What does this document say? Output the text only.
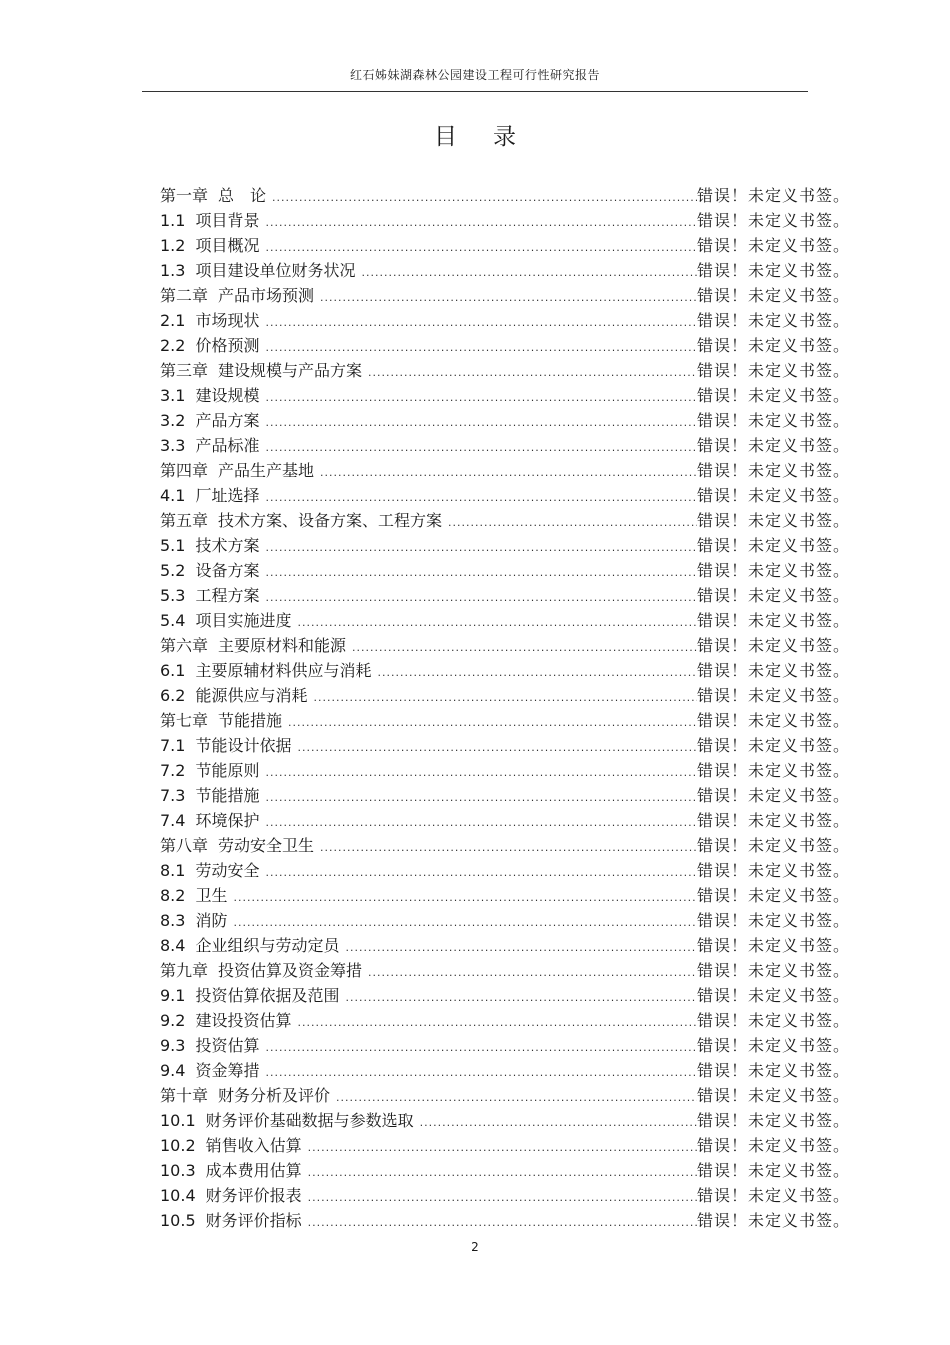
红石姊妹湖森林公园建设工程可行性研究报告
目录
第一章 总　论 .....	错误！未定义书签。
1.1 项目背景 .....	错误！未定义书签。
1.2 项目概况 .....	错误！未定义书签。
1.3 项目建设单位财务状况 .....	错误！未定义书签。
第二章 产品市场预测 .....	错误！未定义书签。
2.1 市场现状 .....	错误！未定义书签。
2.2 价格预测 .....	错误！未定义书签。
第三章 建设规模与产品方案 .....	错误！未定义书签。
3.1 建设规模 .....	错误！未定义书签。
3.2 产品方案 .....	错误！未定义书签。
3.3 产品标准 .....	错误！未定义书签。
第四章 产品生产基地 .....	错误！未定义书签。
4.1 厂址选择 .....	错误！未定义书签。
第五章 技术方案、设备方案、工程方案 .....	错误！未定义书签。
5.1 技术方案 .....	错误！未定义书签。
5.2 设备方案 .....	错误！未定义书签。
5.3 工程方案 .....	错误！未定义书签。
5.4 项目实施进度 .....	错误！未定义书签。
第六章 主要原材料和能源 .....	错误！未定义书签。
6.1 主要原辅材料供应与消耗 .....	错误！未定义书签。
6.2 能源供应与消耗 .....	错误！未定义书签。
第七章 节能措施 .....	错误！未定义书签。
7.1 节能设计依据 .....	错误！未定义书签。
7.2 节能原则 .....	错误！未定义书签。
7.3 节能措施 .....	错误！未定义书签。
7.4 环境保护 .....	错误！未定义书签。
第八章 劳动安全卫生 .....	错误！未定义书签。
8.1 劳动安全 .....	错误！未定义书签。
8.2 卫生 .....	错误！未定义书签。
8.3 消防 .....	错误！未定义书签。
8.4 企业组织与劳动定员 .....	错误！未定义书签。
第九章 投资估算及资金筹措 .....	错误！未定义书签。
9.1 投资估算依据及范围 .....	错误！未定义书签。
9.2 建设投资估算 .....	错误！未定义书签。
9.3 投资估算 .....	错误！未定义书签。
9.4 资金筹措 .....	错误！未定义书签。
第十章 财务分析及评价 .....	错误！未定义书签。
10.1 财务评价基础数据与参数选取 .....	错误！未定义书签。
10.2 销售收入估算 .....	错误！未定义书签。
10.3 成本费用估算 .....	错误！未定义书签。
10.4 财务评价报表 .....	错误！未定义书签。
10.5 财务评价指标 .....	错误！未定义书签。
2
